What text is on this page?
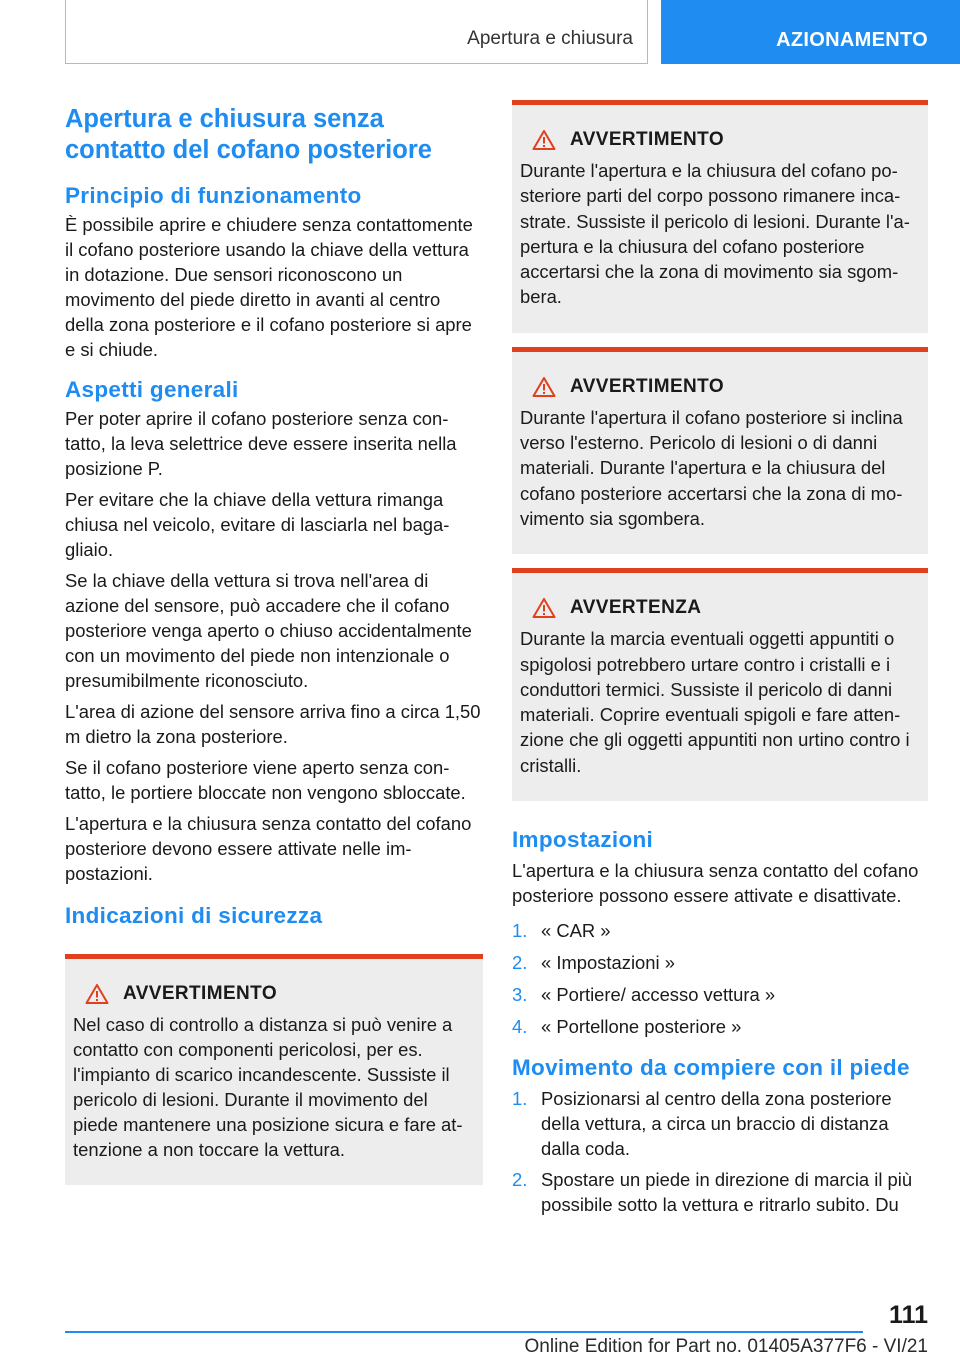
Apertura e chiusura	AZIONAMENTO
Apertura e chiusura senza contatto del cofano posteriore
Principio di funzionamento

È possibile aprire e chiudere senza contattomente il cofano posteriore usando la chiave della vettura in dotazione. Due sensori riconoscono un movimento del piede diretto in avanti al centro della zona posteriore e il cofano posteriore si apre e si chiude.

Aspetti generali

Per poter aprire il cofano posteriore senza contatto, la leva selettrice deve essere inserita nella posizione P.

Per evitare che la chiave della vettura rimanga chiusa nel veicolo, evitare di lasciarla nel bagagliaio.

Se la chiave della vettura si trova nell'area di azione del sensore, può accadere che il cofano posteriore venga aperto o chiuso accidentalmente con un movimento del piede non intenzionale o presumibilmente riconosciuto.

L'area di azione del sensore arriva fino a circa 1,50 m dietro la zona posteriore.

Se il cofano posteriore viene aperto senza contatto, le portiere bloccate non vengono sbloccate.

L'apertura e la chiusura senza contatto del cofano posteriore devono essere attivate nelle impostazioni.

Indicazioni di sicurezza
AVVERTIMENTO

Nel caso di controllo a distanza si può venire a contatto con componenti pericolosi, per es. l'impianto di scarico incandescente. Sussiste il pericolo di lesioni. Durante il movimento del piede mantenere una posizione sicura e fare attenzione a non toccare la vettura.

AVVERTIMENTO

Durante l'apertura e la chiusura del cofano posteriore parti del corpo possono rimanere incastrate. Sussiste il pericolo di lesioni. Durante l'apertura e la chiusura del cofano posteriore accertarsi che la zona di movimento sia sgombera.

AVVERTIMENTO

Durante l'apertura il cofano posteriore si inclina verso l'esterno. Pericolo di lesioni o di danni materiali. Durante l'apertura e la chiusura del cofano posteriore accertarsi che la zona di movimento sia sgombera.

AVVERTENZA

Durante la marcia eventuali oggetti appuntiti o spigolosi potrebbero urtare contro i cristalli e i conduttori termici. Sussiste il pericolo di danni materiali. Coprire eventuali spigoli e fare attenzione che gli oggetti appuntiti non urtino contro i cristalli.

Impostazioni

L'apertura e la chiusura senza contatto del cofano posteriore possono essere attivate e disattivate.

1. « CAR »
2. « Impostazioni »
3. « Portiere/ accesso vettura »
4. « Portellone posteriore »
Movimento da compiere con il piede
1. Posizionarsi al centro della zona posteriore della vettura, a circa un braccio di distanza dalla coda.
2. Spostare un piede in direzione di marcia il più possibile sotto la vettura e ritrarlo subito. Du
111
Online Edition for Part no. 01405A377F6 - VI/21
